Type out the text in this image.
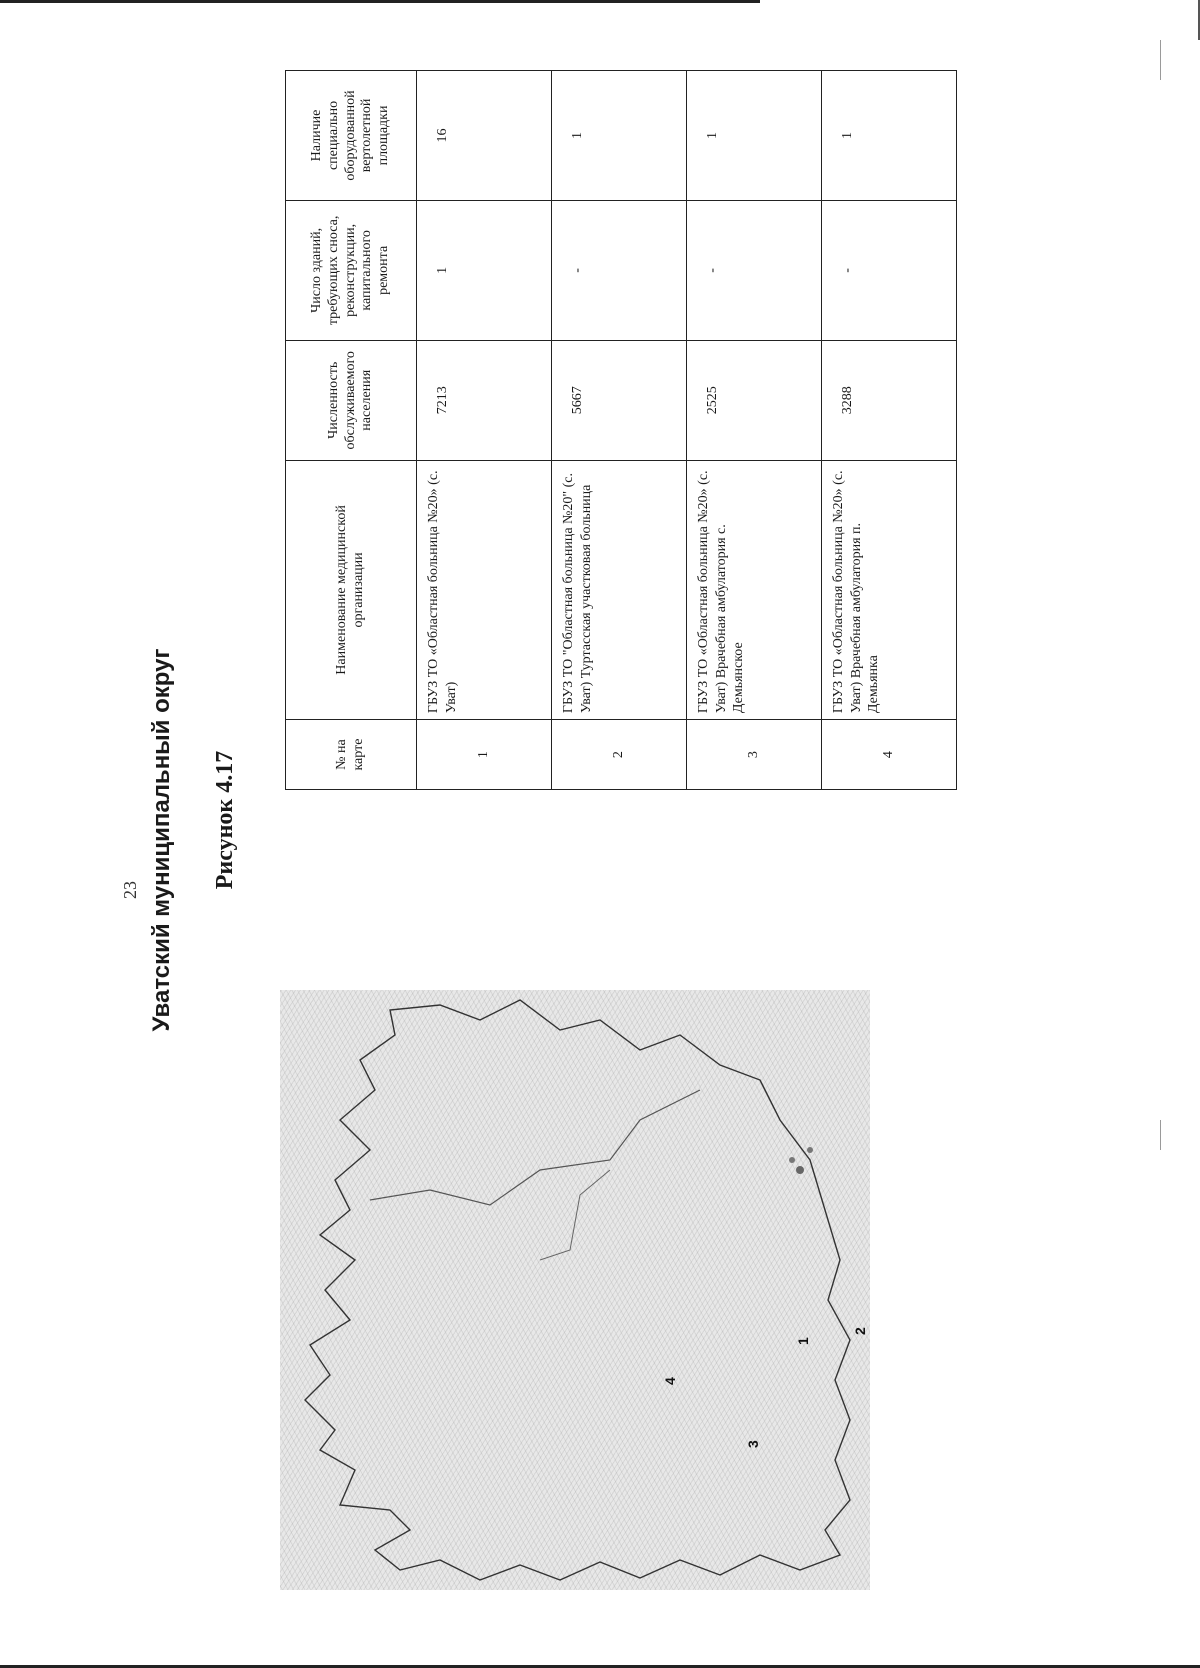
23 Уватский муниципальный округ Рисунок 4.17
1
2
3
4
№ на карте	Наименование медицинской организации	Численность обслуживаемого населения	Число зданий, требующих сноса, реконструкции, капитального ремонта	Наличие специально оборудованной вертолетной площадки
1	ГБУЗ ТО «Областная больница №20» (с. Уват)	7213	1	16
2	ГБУЗ ТО "Областная больница №20" (с. Уват) Туртасская участковая больница	5667	-	1
3	ГБУЗ ТО «Областная больница №20» (с. Уват) Врачебная амбулатория с. Демьянское	2525	-	1
4	ГБУЗ ТО «Областная больница №20» (с. Уват) Врачебная амбулатория п. Демьянка	3288	-	1
